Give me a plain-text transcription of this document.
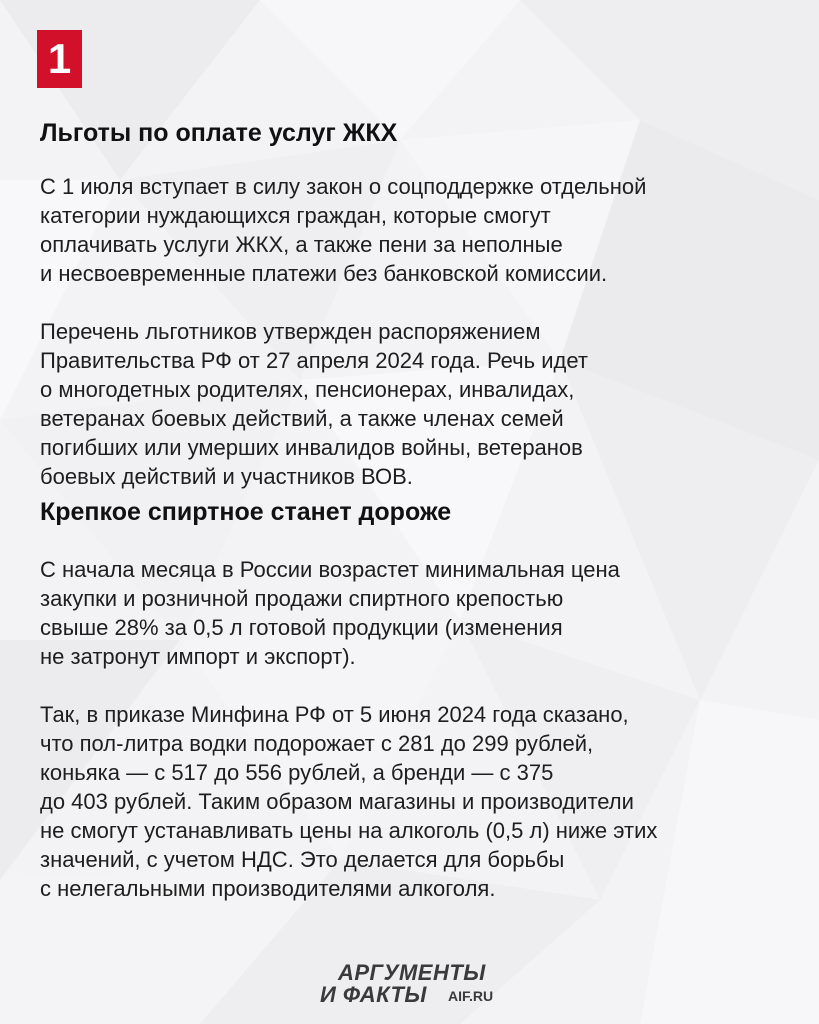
1
Льготы по оплате услуг ЖКХ

С 1 июля вступает в силу закон о соцподдержке отдельной
категории нуждающихся граждан, которые смогут
оплачивать услуги ЖКХ, а также пени за неполные
и несвоевременные платежи без банковской комиссии.

Перечень льготников утвержден распоряжением
Правительства РФ от 27 апреля 2024 года. Речь идет
о многодетных родителях, пенсионерах, инвалидах,
ветеранах боевых действий, а также членах семей
погибших или умерших инвалидов войны, ветеранов
боевых действий и участников ВОВ.

Крепкое спиртное станет дороже

С начала месяца в России возрастет минимальная цена
закупки и розничной продажи спиртного крепостью
свыше 28% за 0,5 л готовой продукции (изменения
не затронут импорт и экспорт).

Так, в приказе Минфина РФ от 5 июня 2024 года сказано,
что пол-литра водки подорожает с 281 до 299 рублей,
коньяка — с 517 до 556 рублей, а бренди — с 375
до 403 рублей. Таким образом магазины и производители
не смогут устанавливать цены на алкоголь (0,5 л) ниже этих
значений, с учетом НДС. Это делается для борьбы
с нелегальными производителями алкоголя.

АРГУМЕНТЫ
И ФАКТЫ AIF.RU
